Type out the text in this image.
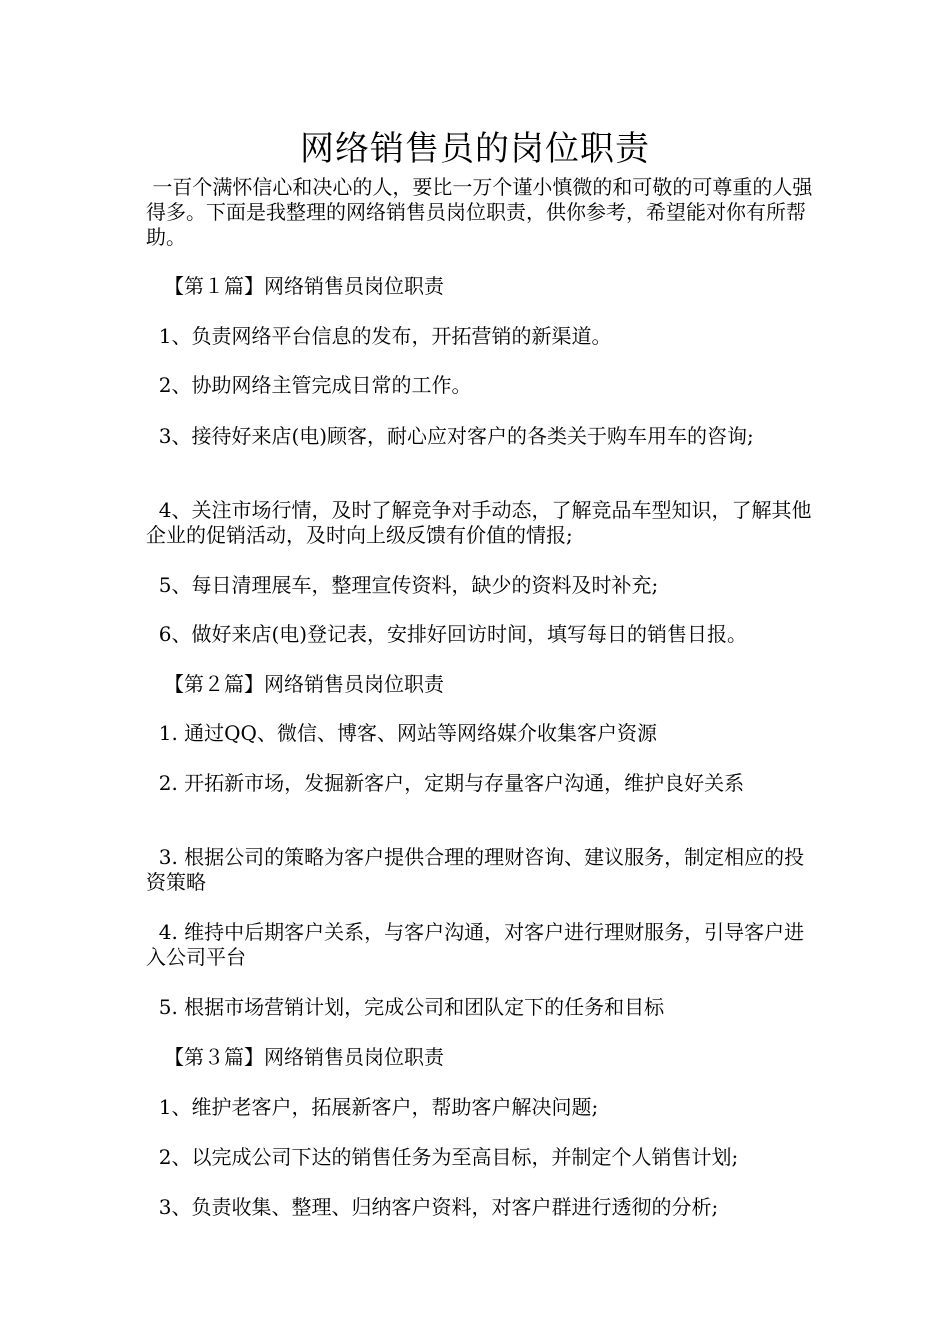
网络销售员的岗位职责
一百个满怀信心和决心的人，要比一万个谨小慎微的和可敬的可尊重的人强得多。下面是我整理的网络销售员岗位职责，供你参考，希望能对你有所帮助。
【第１篇】网络销售员岗位职责
1、负责网络平台信息的发布，开拓营销的新渠道。
2、协助网络主管完成日常的工作。
3、接待好来店(电)顾客，耐心应对客户的各类关于购车用车的咨询;
4、关注市场行情，及时了解竞争对手动态，了解竞品车型知识，了解其他企业的促销活动，及时向上级反馈有价值的情报;
5、每日清理展车，整理宣传资料，缺少的资料及时补充;
6、做好来店(电)登记表，安排好回访时间，填写每日的销售日报。
【第２篇】网络销售员岗位职责
1. 通过QQ、微信、博客、网站等网络媒介收集客户资源
2. 开拓新市场，发掘新客户，定期与存量客户沟通，维护良好关系
3. 根据公司的策略为客户提供合理的理财咨询、建议服务，制定相应的投资策略
4. 维持中后期客户关系，与客户沟通，对客户进行理财服务，引导客户进入公司平台
5. 根据市场营销计划，完成公司和团队定下的任务和目标
【第３篇】网络销售员岗位职责
1、维护老客户，拓展新客户，帮助客户解决问题;
2、以完成公司下达的销售任务为至高目标，并制定个人销售计划;
3、负责收集、整理、归纳客户资料，对客户群进行透彻的分析;
